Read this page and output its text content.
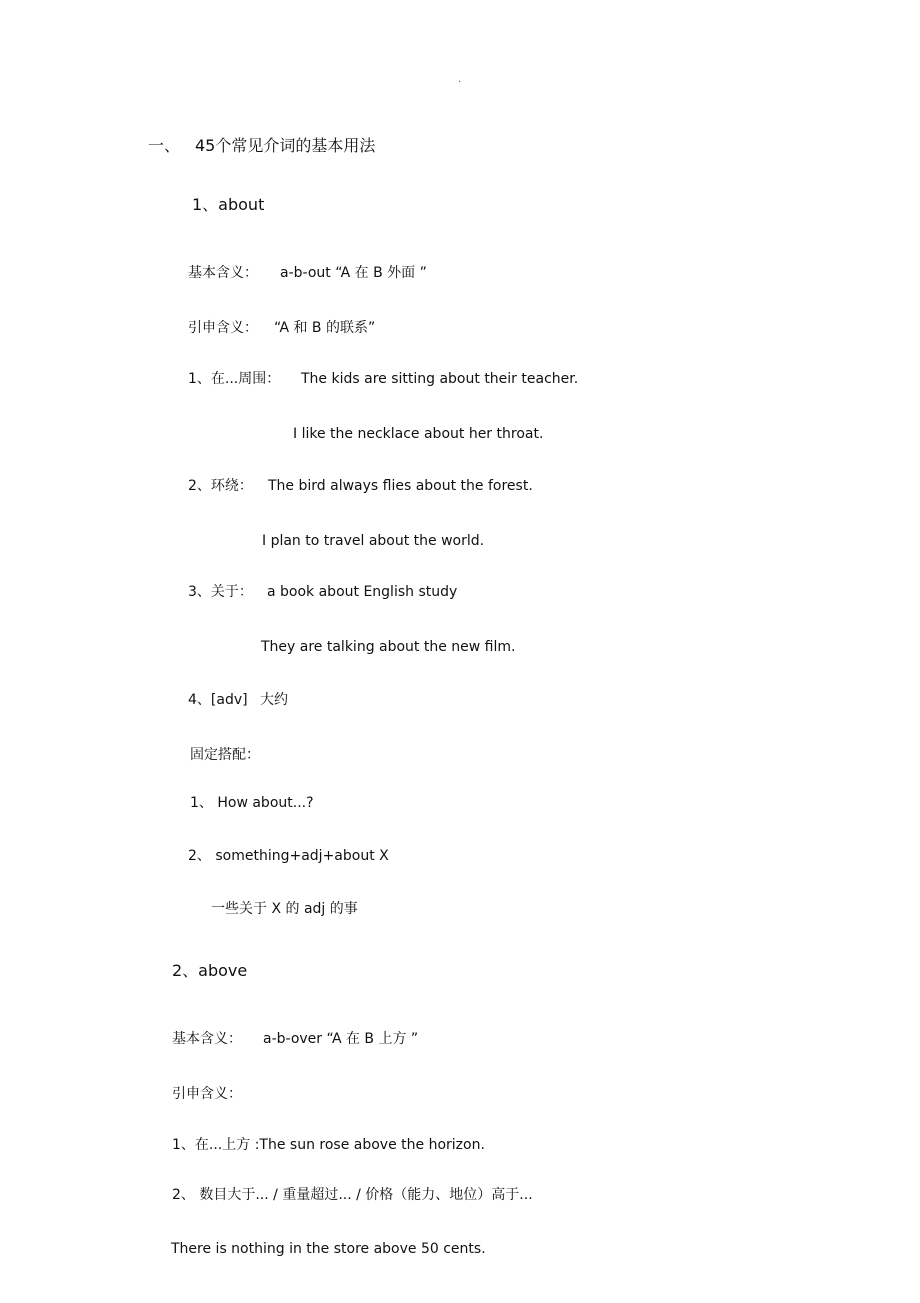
.
一、 45个常见介词的基本用法
1、about
基本含义： a-b-out “A 在 B 外面 ”
引申含义： “A 和 B 的联系”
1、在...周围： The kids are sitting about their teacher.
I like the necklace about her throat.
2、环绕： The bird always flies about the forest.
I plan to travel about the world.
3、关于： a book about English study
They are talking about the new film.
4、[adv] 大约
固定搭配：
1、 How about...?
2、 something+adj+about X
一些关于 X 的 adj 的事
2、above
基本含义： a-b-over “A 在 B 上方 ”
引申含义：
1、在...上方 :The sun rose above the horizon.
2、 数目大于... / 重量超过... / 价格（能力、地位）高于...
There is nothing in the store above 50 cents.
